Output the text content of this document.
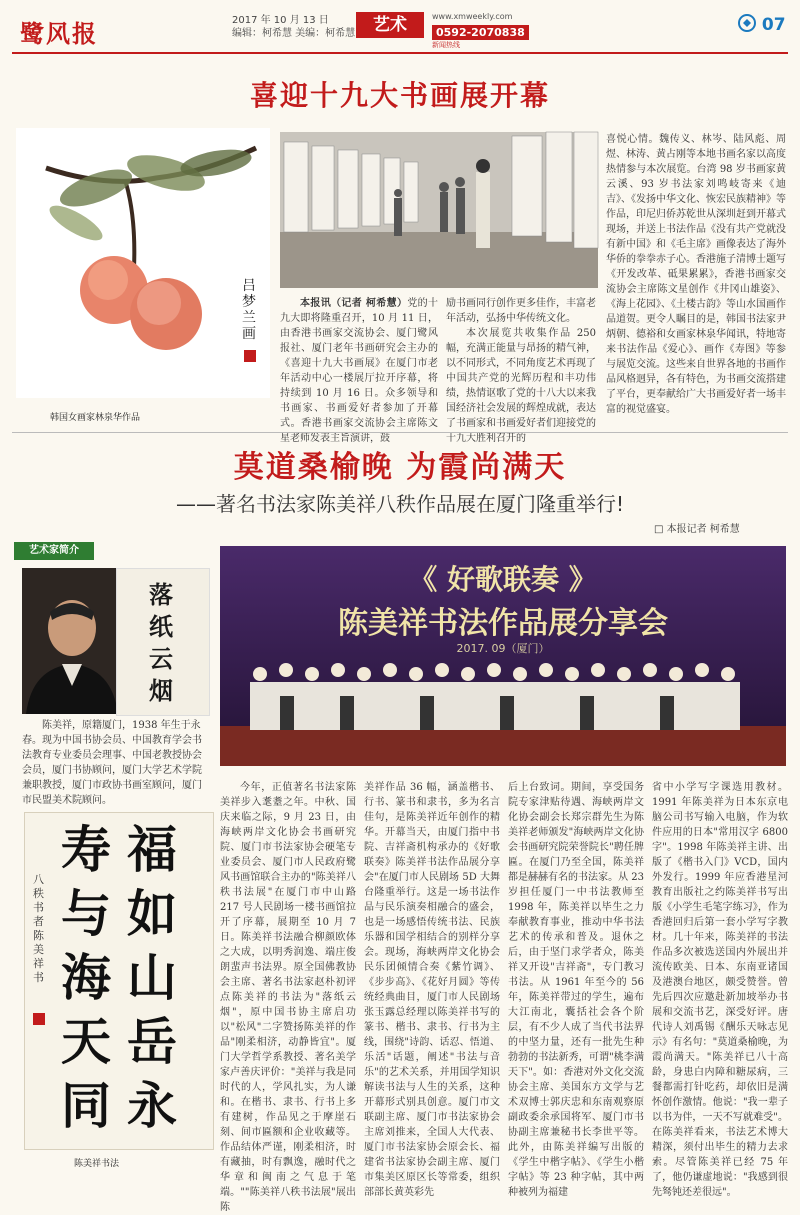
鹭风报	2017 年 10 月 13 日
编辑：柯希慧 美编：柯希慧	艺术	www.xmweekly.com
0592-2070838
新闻热线
07
喜迎十九大书画展开幕
吕梦兰画
韩国女画家林泉华作品

本报讯（记者 柯希慧）党的十九大即将隆重召开，10 月 11 日，由香港书画家交流协会、厦门鹭风报社、厦门老年书画研究会主办的《喜迎十九大书画展》在厦门市老年活动中心一楼展厅拉开序幕，将持续到 10 月 16 日。众多领导和书画家、书画爱好者参加了开幕式。香港书画家交流协会主席陈文星老师发表主旨演讲，鼓

励书画同行创作更多佳作，丰富老年活动，弘扬中华传统文化。

本次展览共收集作品 250 幅，充满正能量与昂扬的精气神，以不同形式，不同角度艺术再现了中国共产党的光辉历程和丰功伟绩，热情讴歌了党的十八大以来我国经济社会发展的辉煌成就，表达了书画家和书画爱好者们迎接党的十九大胜利召开的

喜悦心情。魏传义、林岑、陆风彪、周煜、林涛、黄占刚等本地书画名家以高度热情参与本次展览。台湾 98 岁书画家黄云溪、93 岁书法家刘鸣岐寄来《迪吉》、《发扬中华文化、恢宏民族精神》等作品，印尼归侨苏乾世从深圳赶到开幕式现场，并送上书法作品《没有共产党就没有新中国》和《毛主席》画像表达了海外华侨的拳拳赤子心。香港施子清博士题写《开发改革、砥果累累》，香港书画家交流协会主席陈文星创作《井冈山雄姿》、《海上花园》、《土楼古韵》等山水国画作品道贺。更令人瞩目的是，韩国书法家尹炳朝、德裕和女画家林泉华闻讯，特地寄来书法作品《爱心》、画作《寿图》等参与展览交流。这些来自世界各地的书画作品风格迥异，各有特色，为书画交流搭建了平台，更奉献给广大书画爱好者一场丰富的视觉盛宴。

莫道桑榆晚 为霞尚满天
——著名书法家陈美祥八秩作品展在厦门隆重举行!
□ 本报记者 柯希慧
艺术家简介
落纸云烟
陈美祥，原籍厦门，1938 年生于永春。现为中国书协会员、中国教育学会书法教育专业委员会理事、中国老教授协会会员，厦门书协顾问，厦门大学艺术学院兼职教授，厦门市政协书画室顾问，厦门市民盟美术院顾问。
福
如
山
岳
永
寿
与
海
天
同
八秩书者陈美祥书
陈美祥书法
《 好歌联奏 》
陈美祥书法作品展分享会
2017. 09（厦门）

今年，正值著名书法家陈美祥步入耄耋之年。中秋、国庆来临之际，9 月 23 日，由海峡两岸文化协会书画研究院、厦门市书法家协会硬笔专业委员会、厦门市人民政府鹭风书画馆联合主办的"陈美祥八秩书法展"在厦门市中山路 217 号人民剧场一楼书画馆拉开了序幕，展期至 10 月 7 日。陈美祥书法融合柳颜欧体之大成，以明秀润逸、端庄俊朗蜚声书法界。原全国佛教协会主席、著名书法家赵朴初评点陈美祥的书法为"落纸云烟"，原中国书协主席启功以"松风"二字赞扬陈美祥的作品"刚柔相济，动静皆宜"。厦门大学哲学系教授、著名美学家卢善庆评价："美祥与我是同时代的人，学风扎实，为人谦和。在楷书、隶书、行书上多有建树，作品见之于摩崖石刻、间市匾额和企业收藏等。作品结体严谨，刚柔相济，时有藏抽，时有飘逸，融时代之华章和闽南之气息于笔端。""陈美祥八秩书法展"展出陈

美祥作品 36 幅，涵盖楷书、行书、篆书和隶书，多为名言佳句，是陈美祥近年创作的精华。开幕当天，由厦门指中书院、吉祥斋机构承办的《好歌联奏》陈美祥书法作品展分享会"在厦门市人民剧场 5D 大舞台隆重举行。这是一场书法作品与民乐演奏相融合的盛会，也是一场感悟传统书法、民族乐器和国学相结合的别样分享会。现场，海峡两岸文化协会民乐团倾情合奏《紫竹调》、《步步高》、《花好月圆》等传统经典曲目，厦门市人民剧场张玉露总经理以陈美祥书写的篆书、楷书、隶书、行书为主线，围绕"诗韵、话忍、悟道、乐活"话题，阐述"书法与音乐"的艺术关系，并用国学知识解读书法与人生的关系，这种开幕形式别具创意。厦门市文联副主席、厦门市书法家协会主席刘推来，全国人大代表、厦门市书法家协会原会长、福建省书法家协会副主席、厦门市集美区原区长等常委，组织部部长黄英彩先

后上台致词。期间，享受国务院专家津贴待遇、海峡两岸文化协会副会长郑宗群先生为陈美祥老师颁发"海峡两岸文化协会书画研究院荣誉院长"聘任牌匾。在厦门乃至全国，陈美祥都是赫赫有名的书法家。从 23 岁担任厦门一中书法教师至 1998 年，陈美祥以毕生之力奉献教育事业，推动中华书法艺术的传承和普及。退休之后，由于坚门求学者众，陈美祥又开设"吉祥斋"，专门教习书法。从 1961 年至今的 56 年，陈美祥带过的学生，遍布大江南北，囊括社会各个阶层，有不少人成了当代书法界的中坚力量，还有一批先生种勃勃的书法新秀，可谓"桃李满天下"。如：香港对外文化交流协会主席、美国东方文学与艺术双博士郭庆忠和东南观察原副政委余承国将军、厦门市书协副主席兼秘书长李世平等。此外，由陈美祥编写出版的《学生中楷字帖》、《学生小楷字帖》等 23 种字帖，其中两种被列为福建

省中小学写字课选用教材。1991 年陈美祥为日本东京电脑公司书写输入电脑，作为软件应用的日本"常用汉字 6800 字"。1998 年陈美祥主讲、出版了《楷书入门》VCD，国内外发行。1999 年应香港星河教育出版社之约陈美祥书写出版《小学生毛笔字练习》，作为香港回归后第一套小学写字教材。几十年来，陈美祥的书法作品多次被选送国内外展出并流传欧美、日本、东南亚诸国及港澳台地区，颇受赞誉。曾先后四次应邀赴新加坡举办书展和交流书艺，深受好评。唐代诗人刘禹锡《酬乐天咏志见示》有名句："莫道桑榆晚，为霞尚满天。"陈美祥已八十高龄，身患白内障和糖尿病，三餐都需打针吃药，却依旧是满怀创作激情。他说："我一辈子以书为伴，一天不写就难受"。在陈美祥看来，书法艺术博大精深，须付出毕生的精力去求索。尽管陈美祥已经 75 年了，他仍谦虚地说："我感到很先驽钝还差很远"。
